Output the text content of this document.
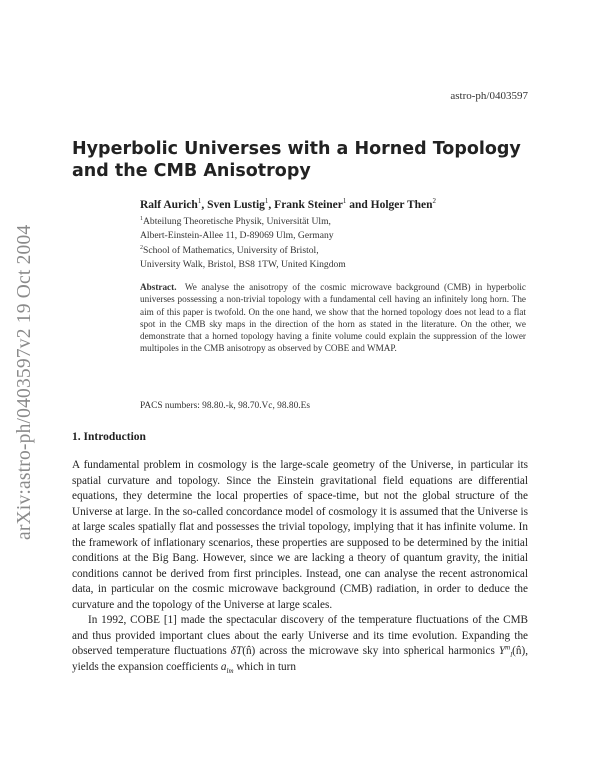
arXiv:astro-ph/0403597v2 19 Oct 2004
astro-ph/0403597
Hyperbolic Universes with a Horned Topology and the CMB Anisotropy
Ralf Aurich$^1$, Sven Lustig$^1$, Frank Steiner$^1$ and Holger Then$^2$
$^1$Abteilung Theoretische Physik, Universität Ulm,
Albert-Einstein-Allee 11, D-89069 Ulm, Germany
$^2$School of Mathematics, University of Bristol,
University Walk, Bristol, BS8 1TW, United Kingdom

Abstract. We analyse the anisotropy of the cosmic microwave background (CMB) in hyperbolic universes possessing a non-trivial topology with a fundamental cell having an infinitely long horn. The aim of this paper is twofold. On the one hand, we show that the horned topology does not lead to a flat spot in the CMB sky maps in the direction of the horn as stated in the literature. On the other, we demonstrate that a horned topology having a finite volume could explain the suppression of the lower multipoles in the CMB anisotropy as observed by COBE and WMAP.

PACS numbers: 98.80.-k, 98.70.Vc, 98.80.Es
1. Introduction

A fundamental problem in cosmology is the large-scale geometry of the Universe, in particular its spatial curvature and topology. Since the Einstein gravitational field equations are differential equations, they determine the local properties of space-time, but not the global structure of the Universe at large. In the so-called concordance model of cosmology it is assumed that the Universe is at large scales spatially flat and possesses the trivial topology, implying that it has infinite volume. In the framework of inflationary scenarios, these properties are supposed to be determined by the initial conditions at the Big Bang. However, since we are lacking a theory of quantum gravity, the initial conditions cannot be derived from first principles. Instead, one can analyse the recent astronomical data, in particular on the cosmic microwave background (CMB) radiation, in order to deduce the curvature and the topology of the Universe at large scales.

In 1992, COBE [1] made the spectacular discovery of the temperature fluctuations of the CMB and thus provided important clues about the early Universe and its time evolution. Expanding the observed temperature fluctuations δT(n̂) across the microwave sky into spherical harmonics $Y^m_l(n̂)$, yields the expansion coefficients $a_{lm}$ which in turn
